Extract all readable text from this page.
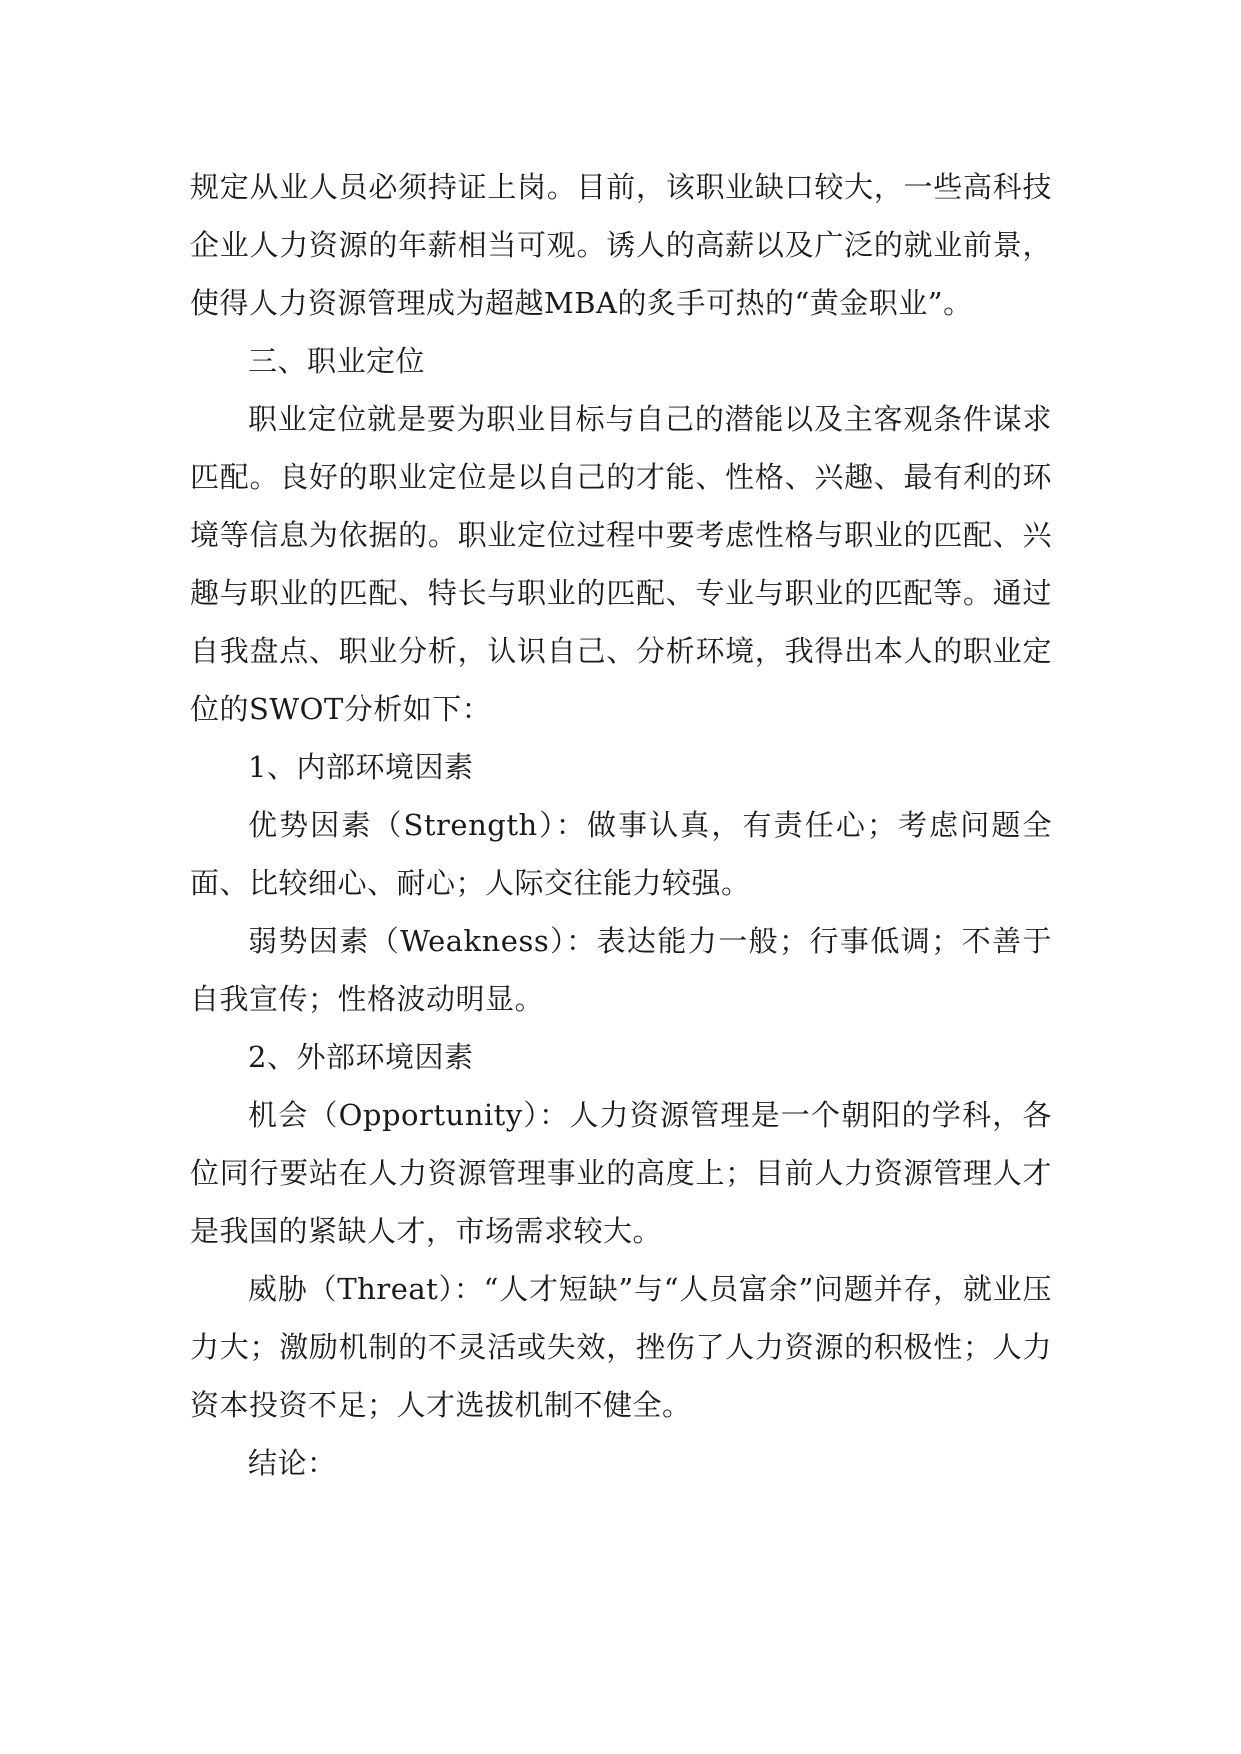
规定从业人员必须持证上岗。目前，该职业缺口较大，一些高科技企业人力资源的年薪相当可观。诱人的高薪以及广泛的就业前景，使得人力资源管理成为超越MBA的炙手可热的“黄金职业”。

三、职业定位

职业定位就是要为职业目标与自己的潜能以及主客观条件谋求匹配。良好的职业定位是以自己的才能、性格、兴趣、最有利的环境等信息为依据的。职业定位过程中要考虑性格与职业的匹配、兴趣与职业的匹配、特长与职业的匹配、专业与职业的匹配等。通过自我盘点、职业分析，认识自己、分析环境，我得出本人的职业定位的SWOT分析如下：

1、内部环境因素

优势因素（Strength）：做事认真，有责任心；考虑问题全面、比较细心、耐心；人际交往能力较强。

弱势因素（Weakness）：表达能力一般；行事低调；不善于自我宣传；性格波动明显。

2、外部环境因素

机会（Opportunity）：人力资源管理是一个朝阳的学科，各位同行要站在人力资源管理事业的高度上；目前人力资源管理人才是我国的紧缺人才，市场需求较大。

威胁（Threat）：“人才短缺”与“人员富余”问题并存，就业压力大；激励机制的不灵活或失效，挫伤了人力资源的积极性；人力资本投资不足；人才选拔机制不健全。

结论：
